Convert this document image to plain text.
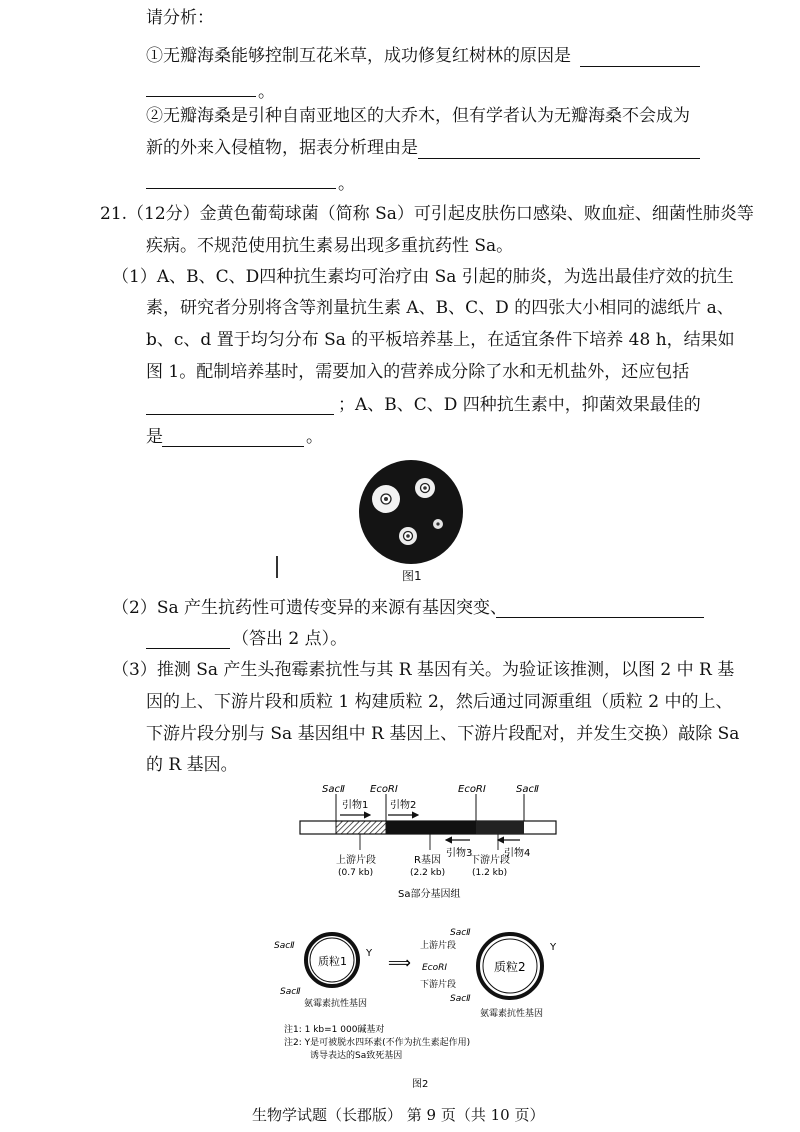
请分析：
①无瓣海桑能够控制互花米草，成功修复红树林的原因是
。
②无瓣海桑是引种自南亚地区的大乔木，但有学者认为无瓣海桑不会成为
新的外来入侵植物，据表分析理由是
。
21.（12分）金黄色葡萄球菌（简称 Sa）可引起皮肤伤口感染、败血症、细菌性肺炎等
疾病。不规范使用抗生素易出现多重抗药性 Sa。
（1）A、B、C、D四种抗生素均可治疗由 Sa 引起的肺炎，为选出最佳疗效的抗生
素，研究者分别将含等剂量抗生素 A、B、C、D 的四张大小相同的滤纸片 a、
b、c、d 置于均匀分布 Sa 的平板培养基上，在适宜条件下培养 48 h，结果如
图 1。配制培养基时，需要加入的营养成分除了水和无机盐外，还应包括
；A、B、C、D 四种抗生素中，抑菌效果最佳的
是	。
图1
（2）Sa 产生抗药性可遗传变异的来源有基因突变、
（答出 2 点）。
（3）推测 Sa 产生头孢霉素抗性与其 R 基因有关。为验证该推测，以图 2 中 R 基
因的上、下游片段和质粒 1 构建质粒 2，然后通过同源重组（质粒 2 中的上、
下游片段分别与 Sa 基因组中 R 基因上、下游片段配对，并发生交换）敲除 Sa
的 R 基因。
SacⅡ	EcoRⅠ	EcoRⅠ	SacⅡ
引物1 引物2
引物3	引物4
上游片段
(0.7 kb)
R基因
(2.2 kb)
下游片段
(1.2 kb)
Sa部分基因组
质粒1
SacⅡ
SacⅡ
Y
氨霉素抗性基因
⟹	质粒2
SacⅡ
上游片段
EcoRⅠ
下游片段
SacⅡ
Y
氨霉素抗性基因
注1: 1 kb=1 000碱基对
注2: Y是可被脱水四环素(不作为抗生素起作用)
诱导表达的Sa致死基因
图2
生物学试题（长郡版） 第 9 页（共 10 页）
